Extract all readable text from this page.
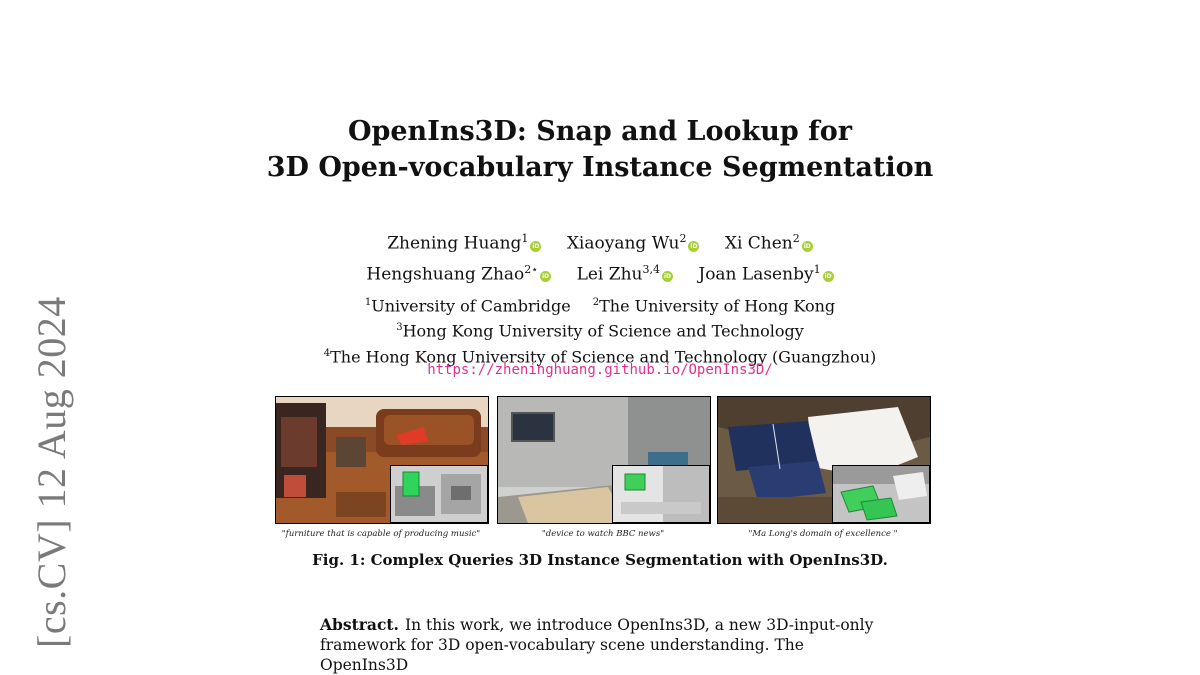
[cs.CV] 12 Aug 2024
OpenIns3D: Snap and Lookup for
3D Open-vocabulary Instance Segmentation
Zhening Huang$^1$iD Xiaoyang Wu$^2$iD Xi Chen$^2$iD
Hengshuang Zhao$^{2⋆}$iD Lei Zhu$^{3,4}$iD Joan Lasenby$^1$iD
$^1$University of Cambridge $^2$The University of Hong Kong
$^3$Hong Kong University of Science and Technology
$^4$The Hong Kong University of Science and Technology (Guangzhou)
https://zheninghuang.github.io/OpenIns3D/
"furniture that is capable of producing music"	"device to watch BBC news"	"Ma Long's domain of excellence "
Fig. 1: Complex Queries 3D Instance Segmentation with OpenIns3D.
Abstract. In this work, we introduce OpenIns3D, a new 3D-input-only framework for 3D open-vocabulary scene understanding. The OpenIns3D
